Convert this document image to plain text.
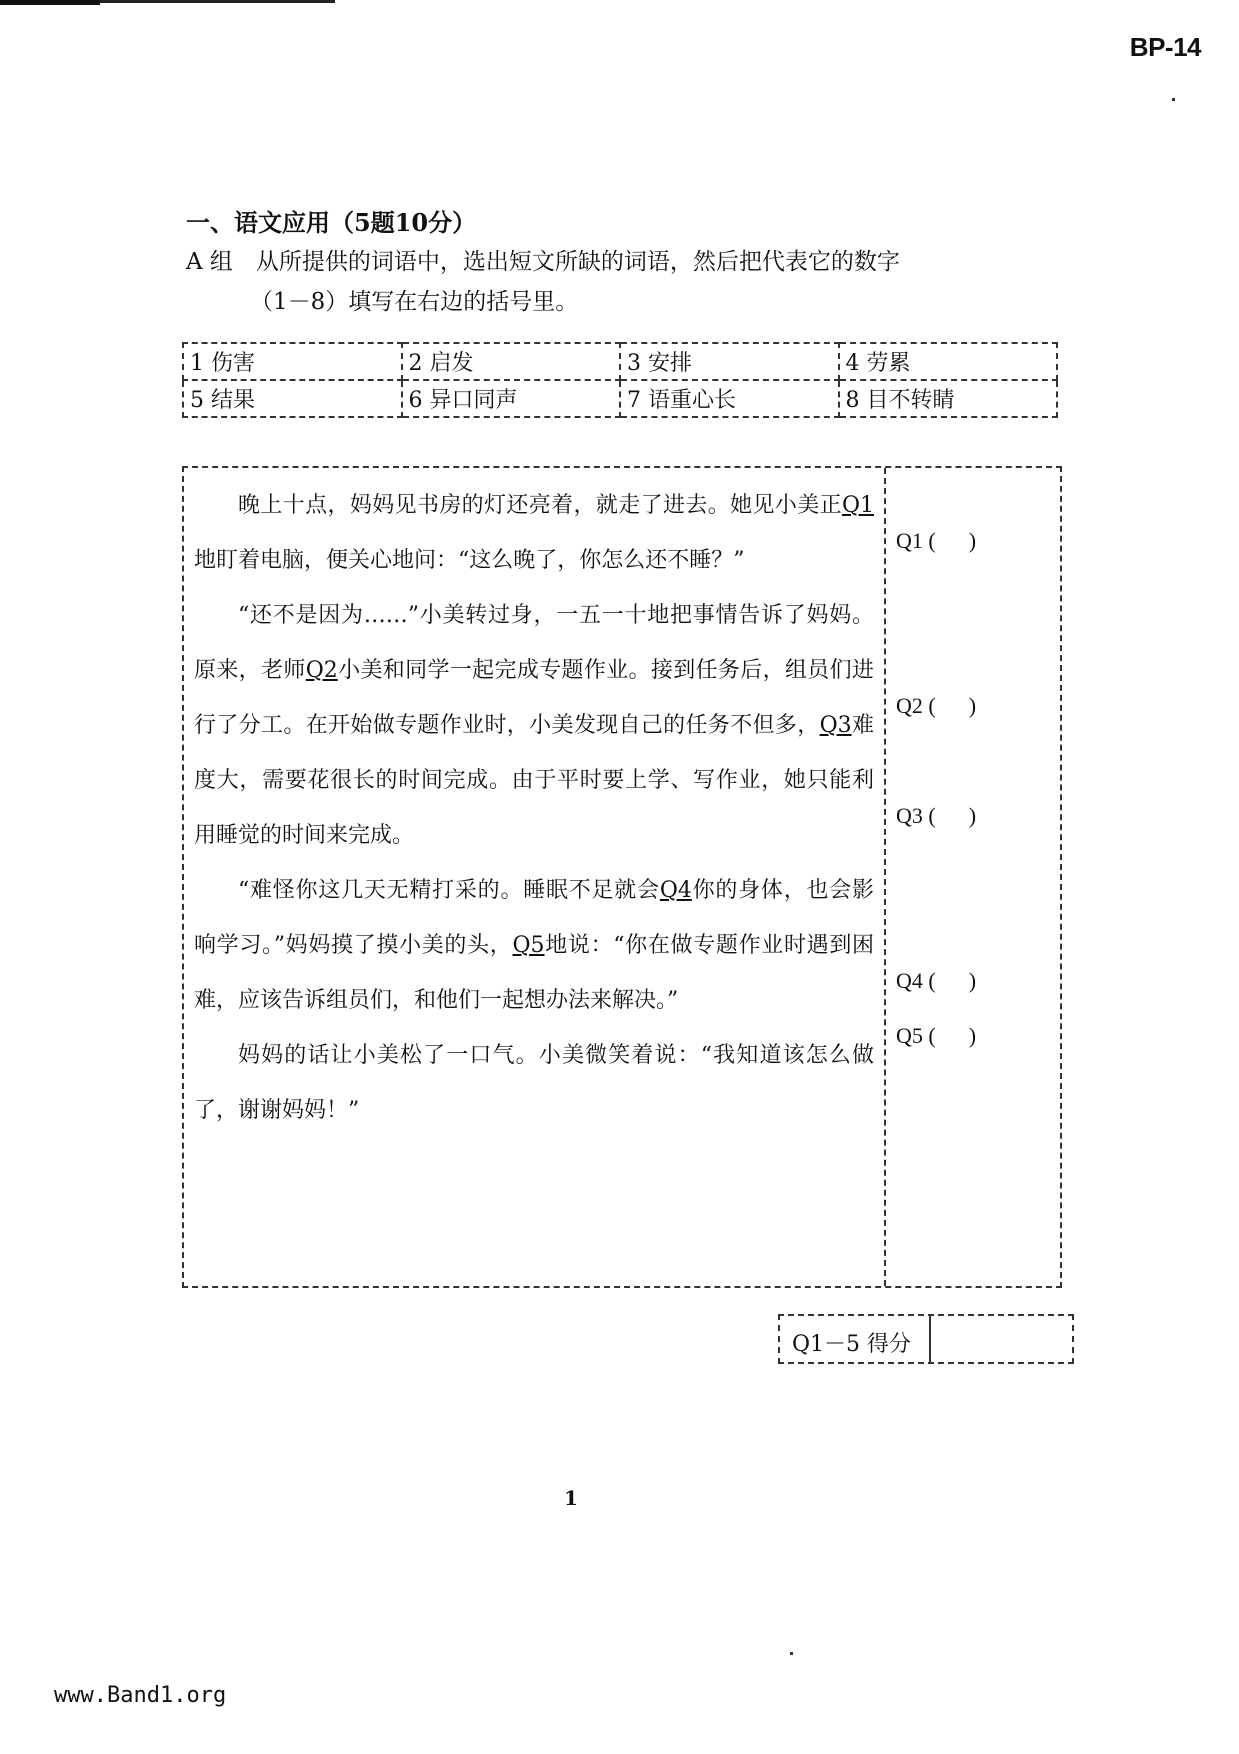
BP-14
一、语文应用（5题10分）
A 组　从所提供的词语中，选出短文所缺的词语，然后把代表它的数字
（1－8）填写在右边的括号里。
1 伤害	2 启发	3 安排	4 劳累
5 结果	6 异口同声	7 语重心长	8 目不转睛

晚上十点，妈妈见书房的灯还亮着，就走了进去。她见小美正Q1地盯着电脑，便关心地问：“这么晚了，你怎么还不睡？”

“还不是因为……”小美转过身，一五一十地把事情告诉了妈妈。原来，老师Q2小美和同学一起完成专题作业。接到任务后，组员们进行了分工。在开始做专题作业时，小美发现自己的任务不但多，Q3难度大，需要花很长的时间完成。由于平时要上学、写作业，她只能利用睡觉的时间来完成。

“难怪你这几天无精打采的。睡眠不足就会Q4你的身体，也会影响学习。”妈妈摸了摸小美的头，Q5地说：“你在做专题作业时遇到困难，应该告诉组员们，和他们一起想办法来解决。”

妈妈的话让小美松了一口气。小美微笑着说：“我知道该怎么做了，谢谢妈妈！”

Q1 (      )
Q2 (      )
Q3 (      )
Q4 (      )
Q5 (      )
Q1－5 得分
1
www.Band1.org
